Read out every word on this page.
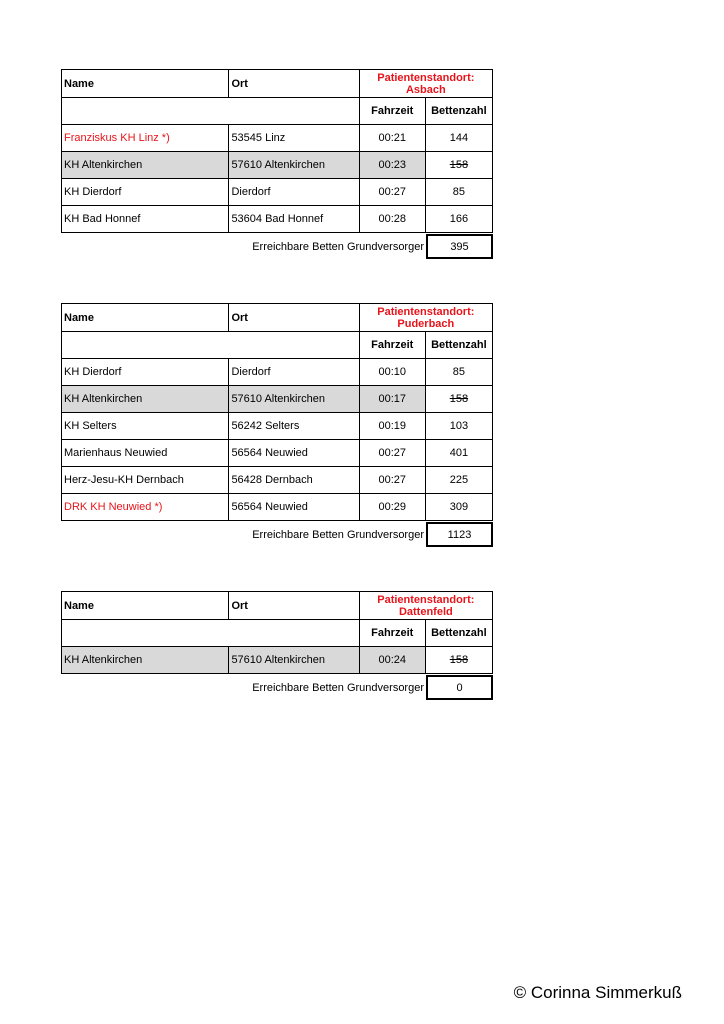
Name	Ort	Patientenstandort:
Asbach	

		Fahrzeit	Bettenzahl
Franziskus KH Linz *)	53545 Linz	00:21	144
KH Altenkirchen	57610 Altenkirchen	00:23	158
KH Dierdorf	Dierdorf	00:27	85
KH Bad Honnef	53604 Bad Honnef	00:28	166
Erreichbare Betten Grundversorger	395
Name	Ort	Patientenstandort:
Puderbach	

		Fahrzeit	Bettenzahl
KH Dierdorf	Dierdorf	00:10	85
KH Altenkirchen	57610 Altenkirchen	00:17	158
KH Selters	56242 Selters	00:19	103
Marienhaus Neuwied	56564 Neuwied	00:27	401
Herz-Jesu-KH Dernbach	56428 Dernbach	00:27	225
DRK KH Neuwied *)	56564 Neuwied	00:29	309
Erreichbare Betten Grundversorger	1123
Name	Ort	Patientenstandort:
Dattenfeld	

		Fahrzeit	Bettenzahl
KH Altenkirchen	57610 Altenkirchen	00:24	158
Erreichbare Betten Grundversorger	0
© Corinna Simmerkuß
